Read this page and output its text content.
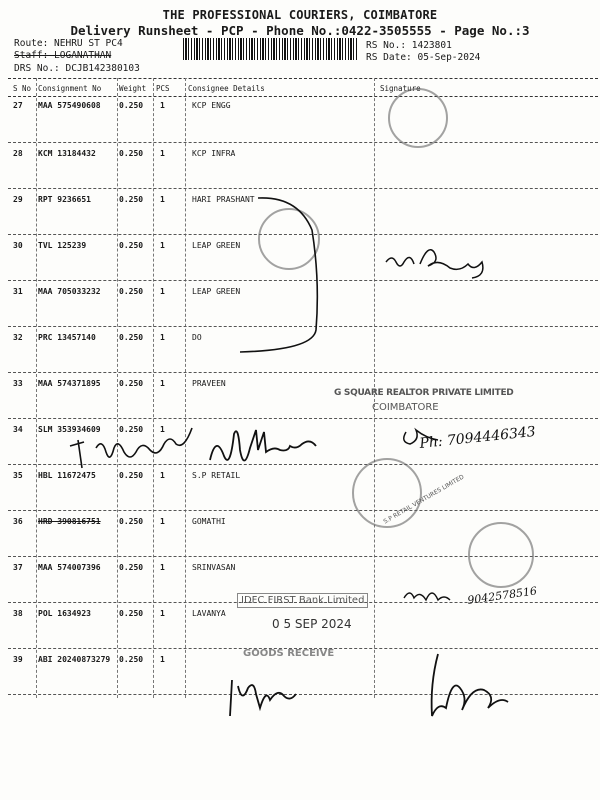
THE PROFESSIONAL COURIERS, COIMBATORE
Delivery Runsheet - PCP - Phone No.:0422-3505555 - Page No.:3
Route: NEHRU ST PC4
Staff: LOGANATHAN
DRS No.: DCJB142380103
RS No.: 1423801
RS Date: 05-Sep-2024
S No Consignment No Weight PCS Consignee Details	Signature
27 MAA 575490608 0.250 1	KCP ENGG
28 KCM 13184432	0.250 1	KCP INFRA
29 RPT 9236651	0.250 1	HARI PRASHANT
30 TVL 125239	0.250 1	LEAP GREEN
31 MAA 705033232 0.250 1	LEAP GREEN
32 PRC 13457140	0.250 1	DO
33 MAA 574371895 0.250 1	PRAVEEN
34 SLM 353934609 0.250 1
35 HBL 11672475	0.250 1	S.P RETAIL
36 HRD 390816751 0.250 1	GOMATHI
37 MAA 574007396 0.250 1	SRINVASAN
38 POL 1634923	0.250 1	LAVANYA
39 ABI 20240873279 0.250 1
S.P RETAIL VENTURES LIMITED
G SQUARE REALTOR PRIVATE LIMITED
COIMBATORE
IDFC FIRST Bank Limited
0 5 SEP 2024
GOODS RECEIVE
Ph: 7094446343
9042578516
